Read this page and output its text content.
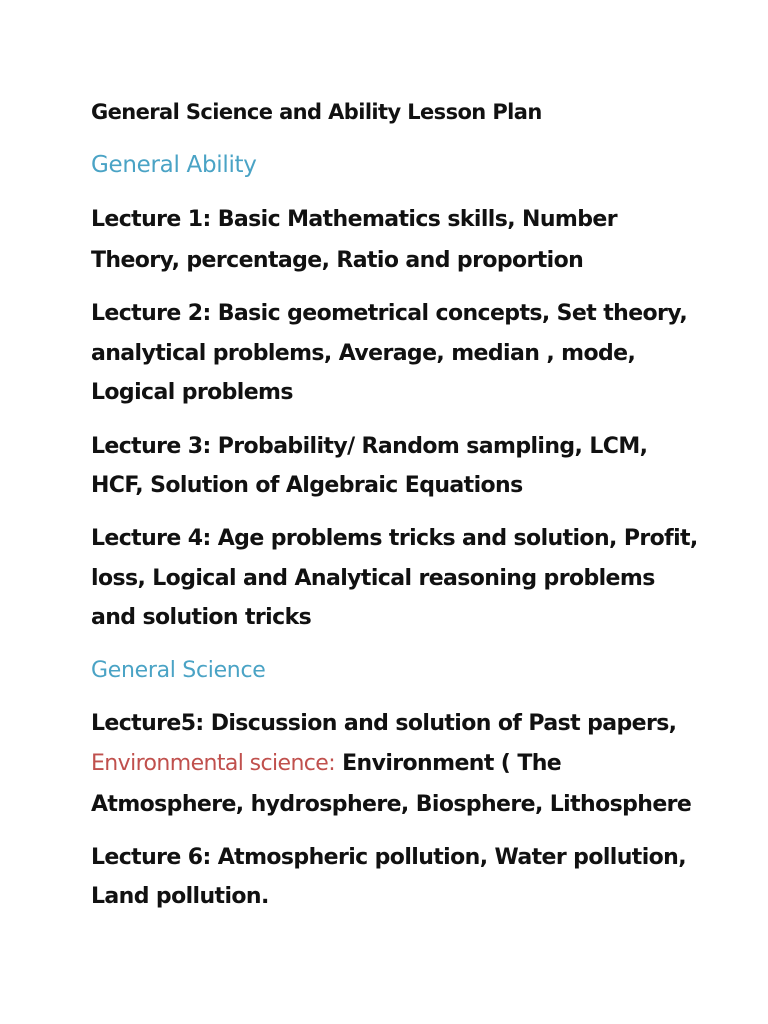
General Science and Ability Lesson Plan
General Ability
Lecture 1: Basic Mathematics skills, Number
Theory, percentage, Ratio and proportion
Lecture 2: Basic geometrical concepts, Set theory,
analytical problems, Average, median , mode,
Logical problems
Lecture 3: Probability/ Random sampling, LCM,
HCF, Solution of Algebraic Equations
Lecture 4: Age problems tricks and solution, Profit,
loss, Logical and Analytical reasoning problems
and solution tricks
General Science
Lecture5: Discussion and solution of Past papers,
Environmental science: Environment ( The
Atmosphere, hydrosphere, Biosphere, Lithosphere
Lecture 6: Atmospheric pollution, Water pollution,
Land pollution.
